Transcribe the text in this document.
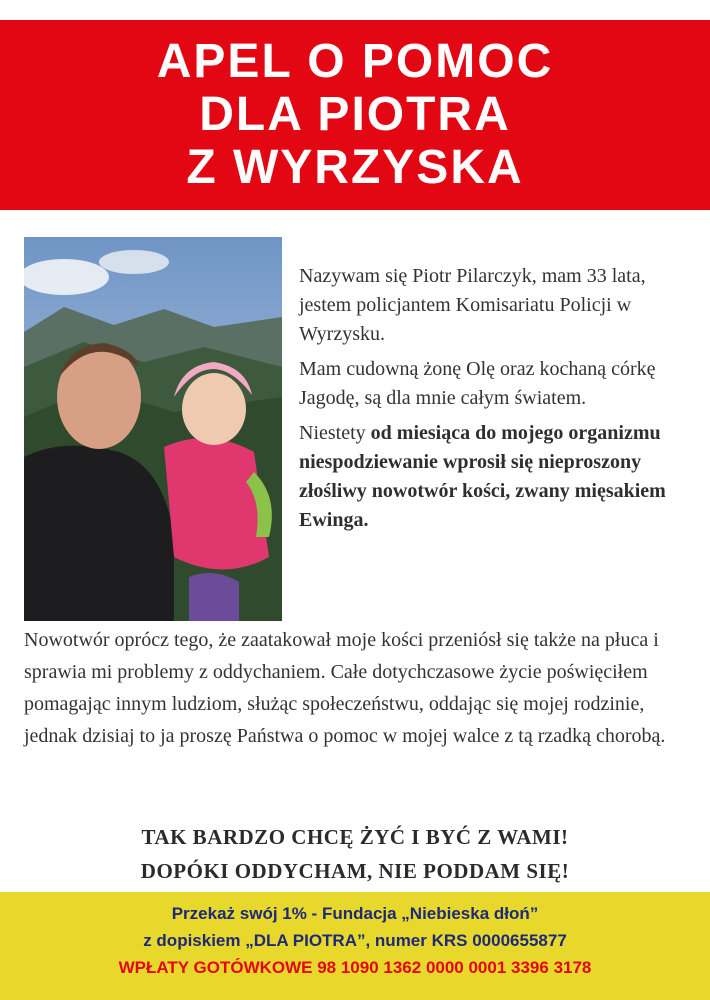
APEL O POMOC
DLA PIOTRA
Z WYRZYSKA

Nazywam się Piotr Pilarczyk, mam 33 lata, jestem policjantem Komisariatu Policji w Wyrzysku.

Mam cudowną żonę Olę oraz kochaną córkę Jagodę, są dla mnie całym światem.

Niestety od miesiąca do mojego organizmu niespodziewanie wprosił się nieproszony złośliwy nowotwór kości, zwany mięsakiem Ewinga.

Nowotwór oprócz tego, że zaatakował moje kości przeniósł się także na płuca i sprawia mi problemy z oddychaniem. Całe dotychczasowe życie poświęciłem pomagając innym ludziom, służąc społeczeństwu, oddając się mojej rodzinie, jednak dzisiaj to ja proszę Państwa o pomoc w mojej walce z tą rzadką chorobą.
TAK BARDZO CHCĘ ŻYĆ I BYĆ Z WAMI!
DOPÓKI ODDYCHAM, NIE PODDAM SIĘ!
Przekaż swój 1% - Fundacja „Niebieska dłoń”
z dopiskiem „DLA PIOTRA”, numer KRS 0000655877
WPŁATY GOTÓWKOWE 98 1090 1362 0000 0001 3396 3178
